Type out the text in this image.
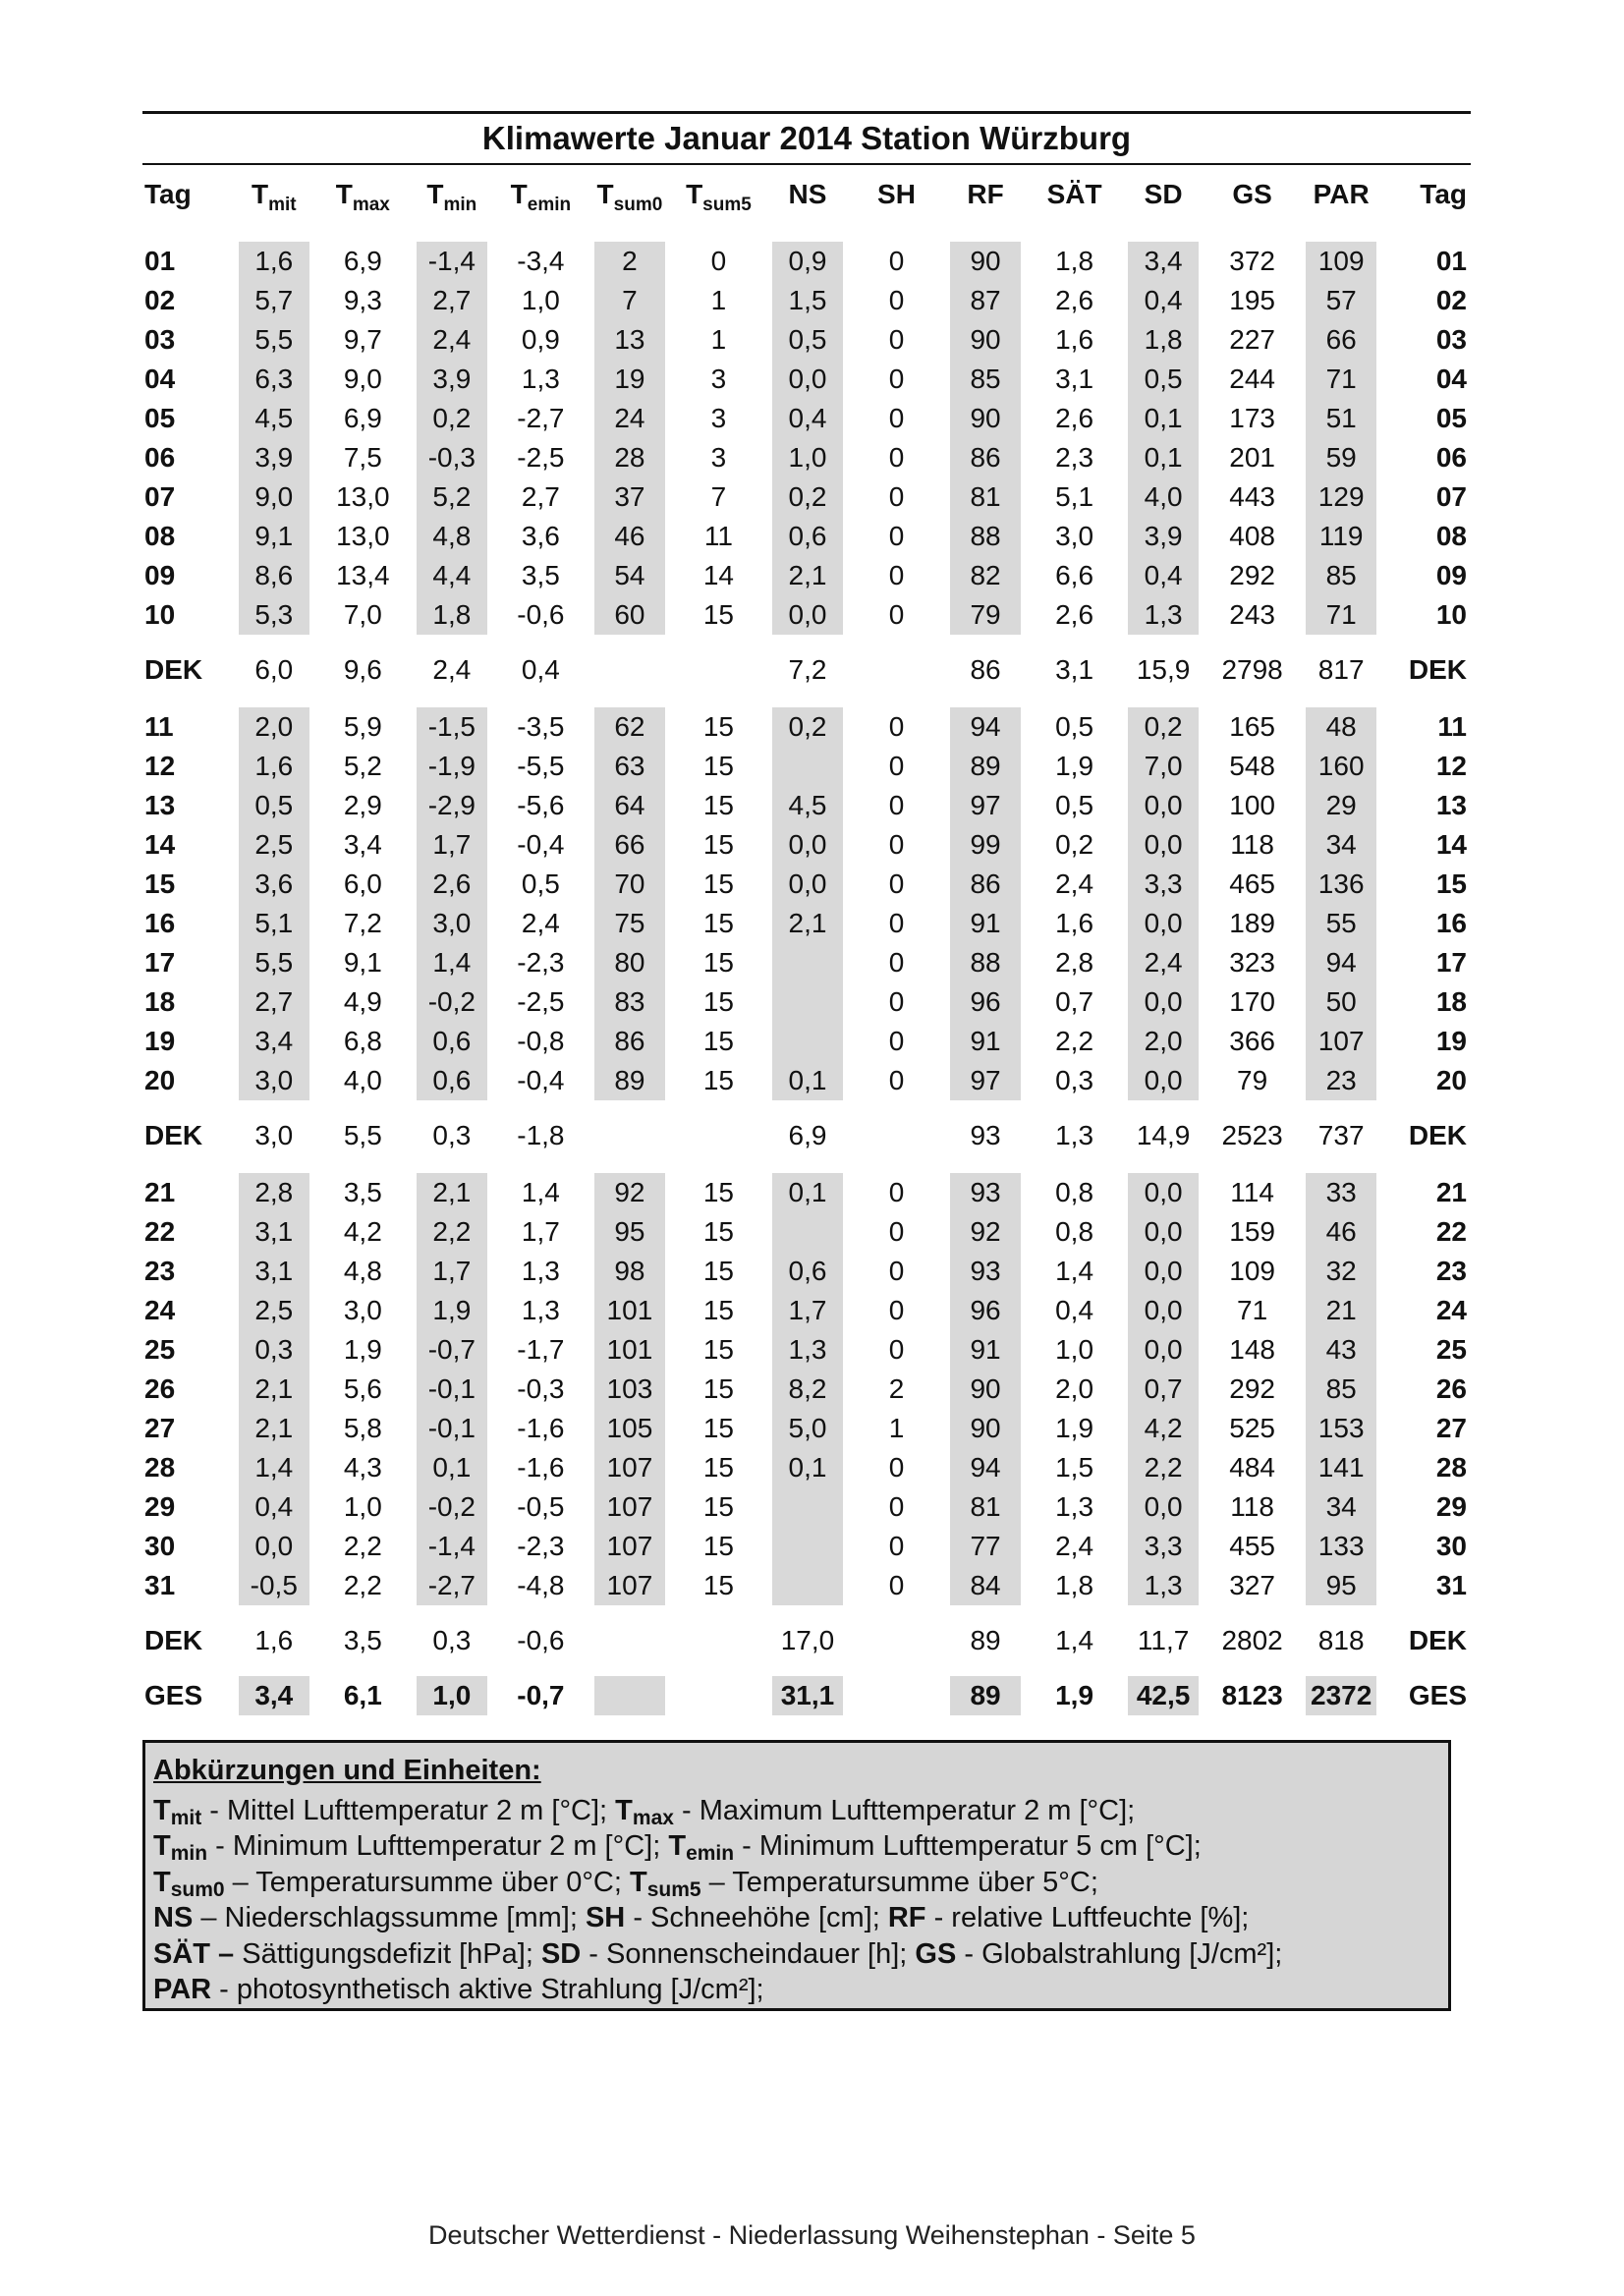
Klimawerte Januar 2014 Station Würzburg
Tag	$T_{mit}$	$T_{max}$	$T_{min}$	$T_{emin}$	$T_{sum0}$	$T_{sum5}$	NS	SH	RF	SÄT	SD	GS	PAR	Tag

01	1,6	6,9	-1,4	-3,4	2	0	0,9	0	90	1,8	3,4	372	109	01
02	5,7	9,3	2,7	1,0	7	1	1,5	0	87	2,6	0,4	195	57	02
03	5,5	9,7	2,4	0,9	13	1	0,5	0	90	1,6	1,8	227	66	03
04	6,3	9,0	3,9	1,3	19	3	0,0	0	85	3,1	0,5	244	71	04
05	4,5	6,9	0,2	-2,7	24	3	0,4	0	90	2,6	0,1	173	51	05
06	3,9	7,5	-0,3	-2,5	28	3	1,0	0	86	2,3	0,1	201	59	06
07	9,0	13,0	5,2	2,7	37	7	0,2	0	81	5,1	4,0	443	129	07
08	9,1	13,0	4,8	3,6	46	11	0,6	0	88	3,0	3,9	408	119	08
09	8,6	13,4	4,4	3,5	54	14	2,1	0	82	6,6	0,4	292	85	09
10	5,3	7,0	1,8	-0,6	60	15	0,0	0	79	2,6	1,3	243	71	10

DEK	6,0	9,6	2,4	0,4			7,2		86	3,1	15,9	2798	817	DEK

11	2,0	5,9	-1,5	-3,5	62	15	0,2	0	94	0,5	0,2	165	48	11
12	1,6	5,2	-1,9	-5,5	63	15		0	89	1,9	7,0	548	160	12
13	0,5	2,9	-2,9	-5,6	64	15	4,5	0	97	0,5	0,0	100	29	13
14	2,5	3,4	1,7	-0,4	66	15	0,0	0	99	0,2	0,0	118	34	14
15	3,6	6,0	2,6	0,5	70	15	0,0	0	86	2,4	3,3	465	136	15
16	5,1	7,2	3,0	2,4	75	15	2,1	0	91	1,6	0,0	189	55	16
17	5,5	9,1	1,4	-2,3	80	15		0	88	2,8	2,4	323	94	17
18	2,7	4,9	-0,2	-2,5	83	15		0	96	0,7	0,0	170	50	18
19	3,4	6,8	0,6	-0,8	86	15		0	91	2,2	2,0	366	107	19
20	3,0	4,0	0,6	-0,4	89	15	0,1	0	97	0,3	0,0	79	23	20

DEK	3,0	5,5	0,3	-1,8			6,9		93	1,3	14,9	2523	737	DEK

21	2,8	3,5	2,1	1,4	92	15	0,1	0	93	0,8	0,0	114	33	21
22	3,1	4,2	2,2	1,7	95	15		0	92	0,8	0,0	159	46	22
23	3,1	4,8	1,7	1,3	98	15	0,6	0	93	1,4	0,0	109	32	23
24	2,5	3,0	1,9	1,3	101	15	1,7	0	96	0,4	0,0	71	21	24
25	0,3	1,9	-0,7	-1,7	101	15	1,3	0	91	1,0	0,0	148	43	25
26	2,1	5,6	-0,1	-0,3	103	15	8,2	2	90	2,0	0,7	292	85	26
27	2,1	5,8	-0,1	-1,6	105	15	5,0	1	90	1,9	4,2	525	153	27
28	1,4	4,3	0,1	-1,6	107	15	0,1	0	94	1,5	2,2	484	141	28
29	0,4	1,0	-0,2	-0,5	107	15		0	81	1,3	0,0	118	34	29
30	0,0	2,2	-1,4	-2,3	107	15		0	77	2,4	3,3	455	133	30
31	-0,5	2,2	-2,7	-4,8	107	15		0	84	1,8	1,3	327	95	31

DEK	1,6	3,5	0,3	-0,6			17,0		89	1,4	11,7	2802	818	DEK

GES	3,4	6,1	1,0	-0,7			31,1		89	1,9	42,5	8123	2372	GES
Abkürzungen und Einheiten:
$T_{mit}$ - Mittel Lufttemperatur 2 m [°C]; $T_{max}$ - Maximum Lufttemperatur 2 m [°C];
$T_{min}$ - Minimum Lufttemperatur 2 m [°C]; $T_{emin}$ - Minimum Lufttemperatur 5 cm [°C];
$T_{sum0}$ – Temperatursumme über 0°C; $T_{sum5}$ – Temperatursumme über 5°C;
NS – Niederschlagssumme [mm]; SH - Schneehöhe [cm]; RF - relative Luftfeuchte [%];
SÄT – Sättigungsdefizit [hPa]; SD - Sonnenscheindauer [h]; GS - Globalstrahlung [J/cm²];
PAR - photosynthetisch aktive Strahlung [J/cm²];
Deutscher Wetterdienst - Niederlassung Weihenstephan - Seite 5
